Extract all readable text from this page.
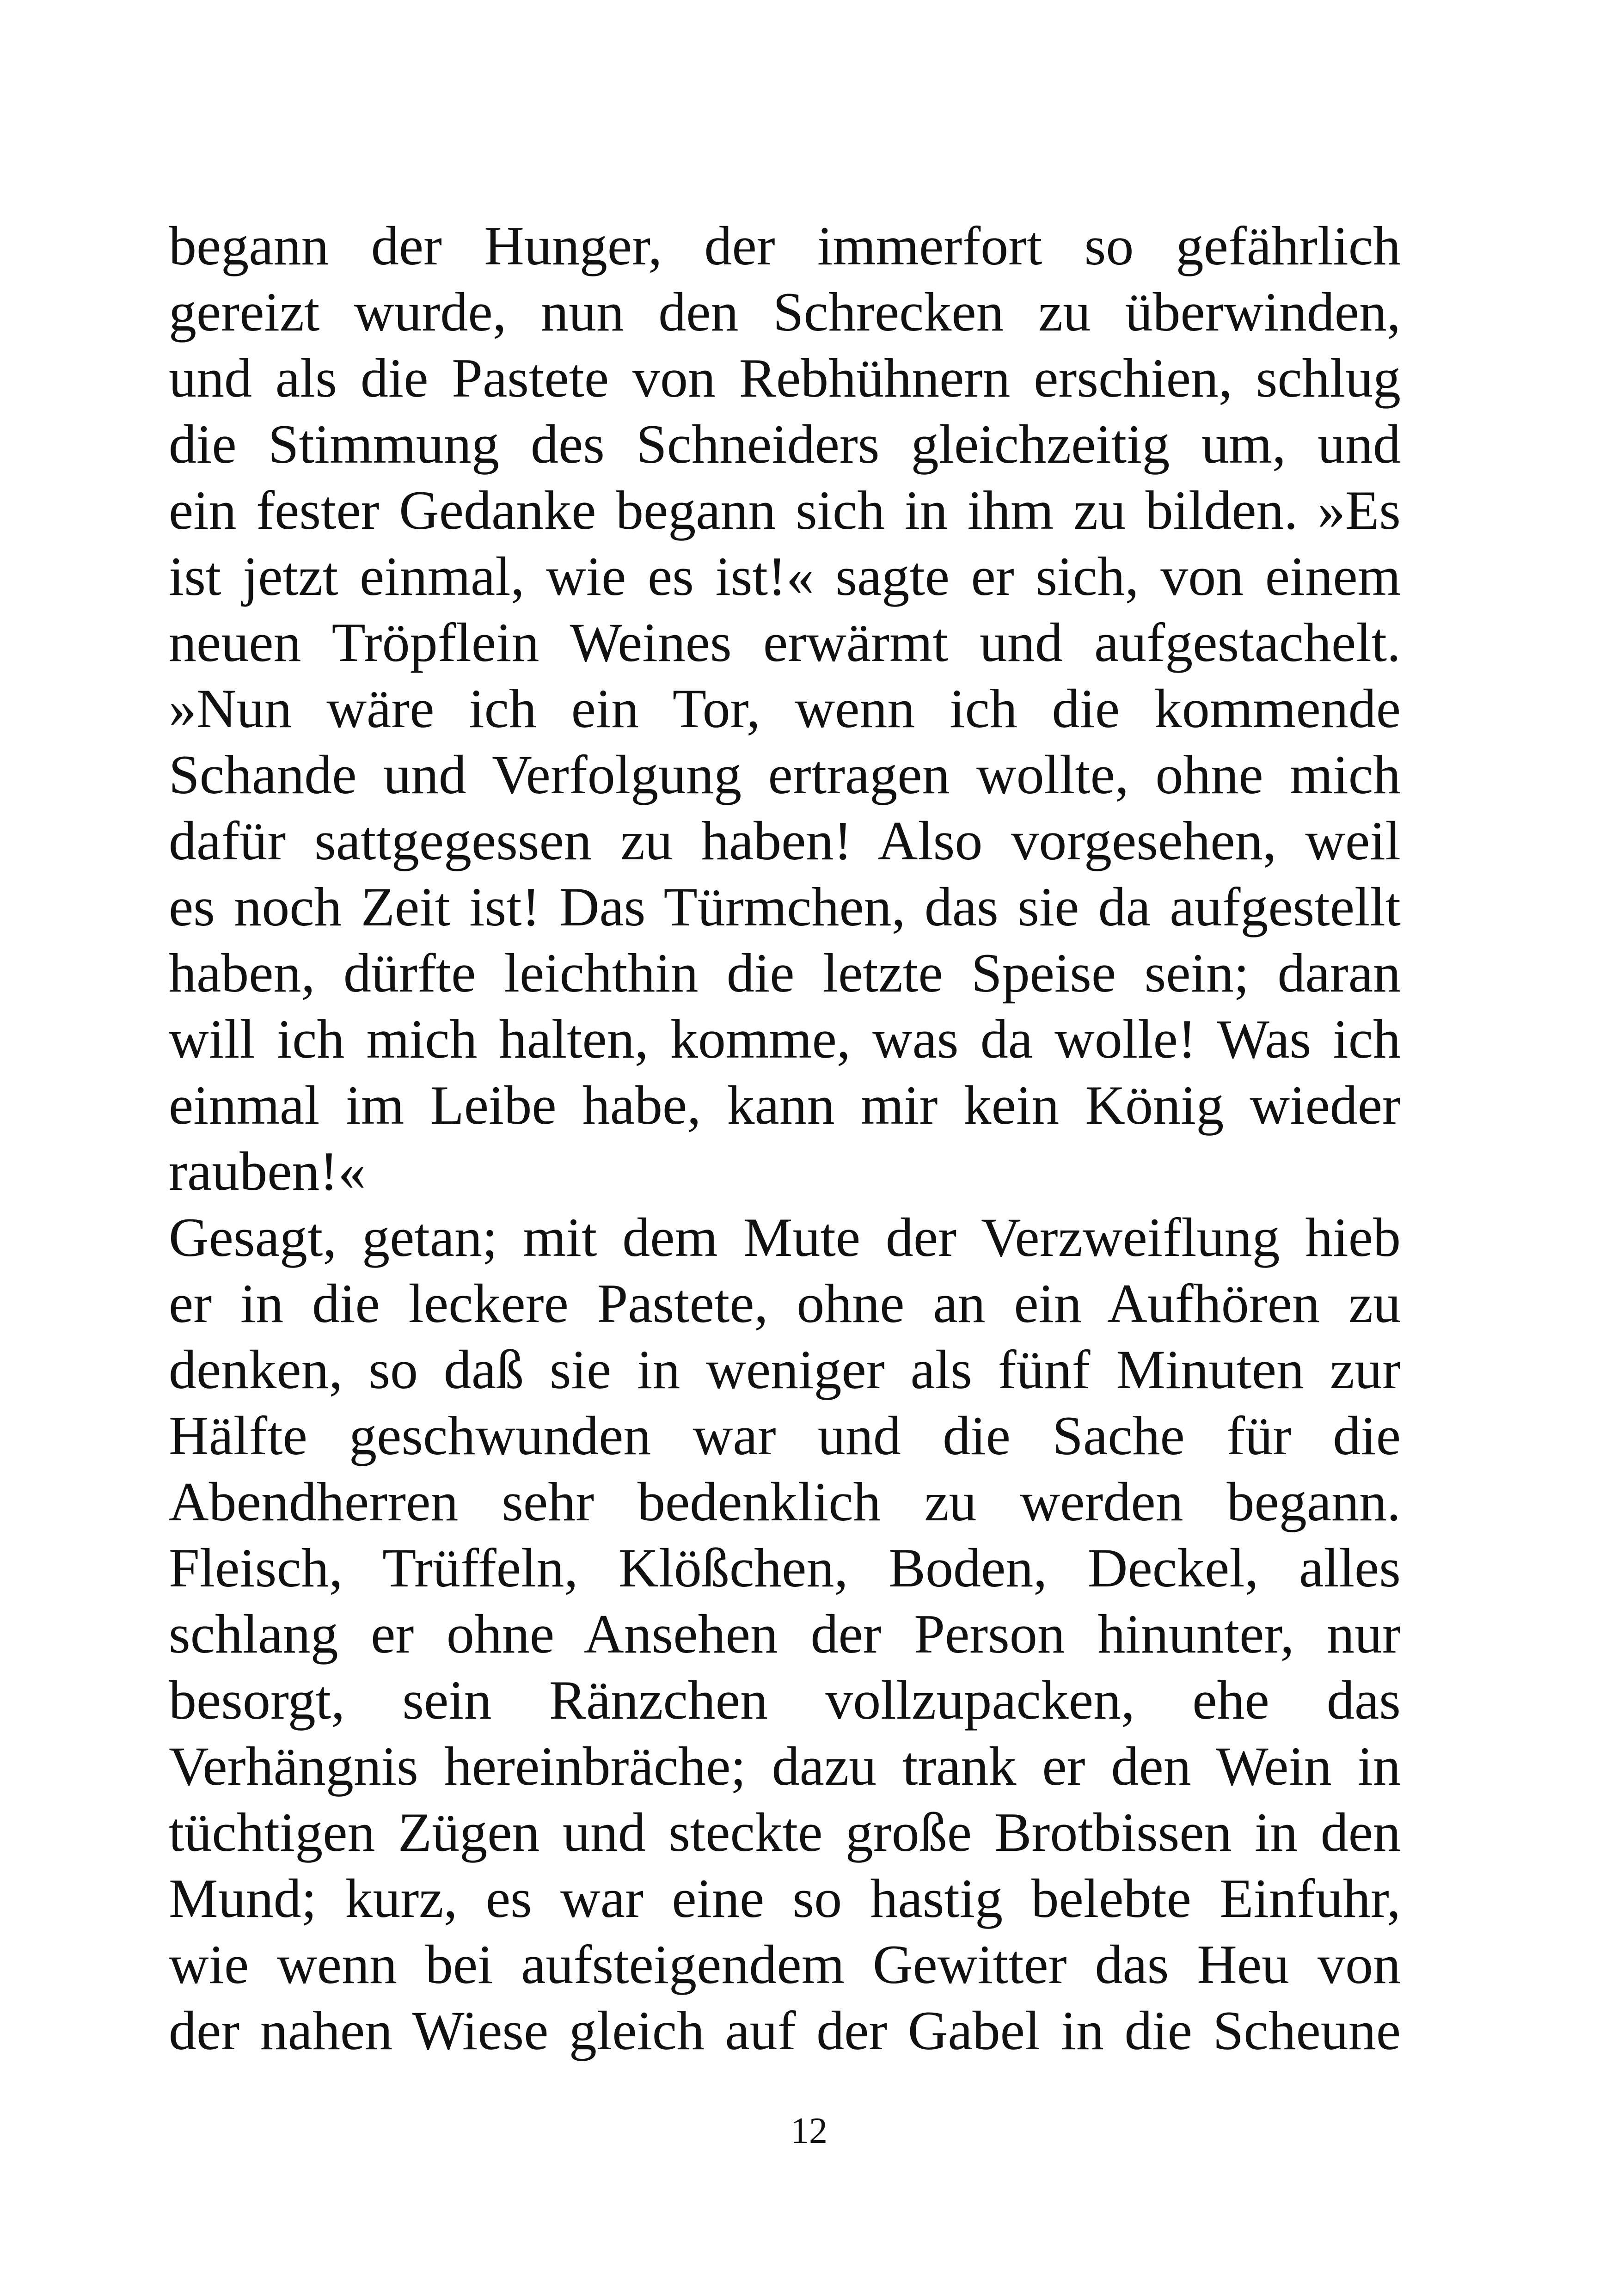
begann der Hunger, der immerfort so gefährlich
gereizt wurde, nun den Schrecken zu überwinden,
und als die Pastete von Rebhühnern erschien, schlug
die Stimmung des Schneiders gleichzeitig um, und
ein fester Gedanke begann sich in ihm zu bilden. »Es
ist jetzt einmal, wie es ist!« sagte er sich, von einem
neuen Tröpflein Weines erwärmt und aufgestachelt.
»Nun wäre ich ein Tor, wenn ich die kommende
Schande und Verfolgung ertragen wollte, ohne mich
dafür sattgegessen zu haben! Also vorgesehen, weil
es noch Zeit ist! Das Türmchen, das sie da aufgestellt
haben, dürfte leichthin die letzte Speise sein; daran
will ich mich halten, komme, was da wolle! Was ich
einmal im Leibe habe, kann mir kein König wieder
rauben!«
Gesagt, getan; mit dem Mute der Verzweiflung hieb
er in die leckere Pastete, ohne an ein Aufhören zu
denken, so daß sie in weniger als fünf Minuten zur
Hälfte geschwunden war und die Sache für die
Abendherren sehr bedenklich zu werden begann.
Fleisch, Trüffeln, Klößchen, Boden, Deckel, alles
schlang er ohne Ansehen der Person hinunter, nur
besorgt, sein Ränzchen vollzupacken, ehe das
Verhängnis hereinbräche; dazu trank er den Wein in
tüchtigen Zügen und steckte große Brotbissen in den
Mund; kurz, es war eine so hastig belebte Einfuhr,
wie wenn bei aufsteigendem Gewitter das Heu von
der nahen Wiese gleich auf der Gabel in die Scheune
12
